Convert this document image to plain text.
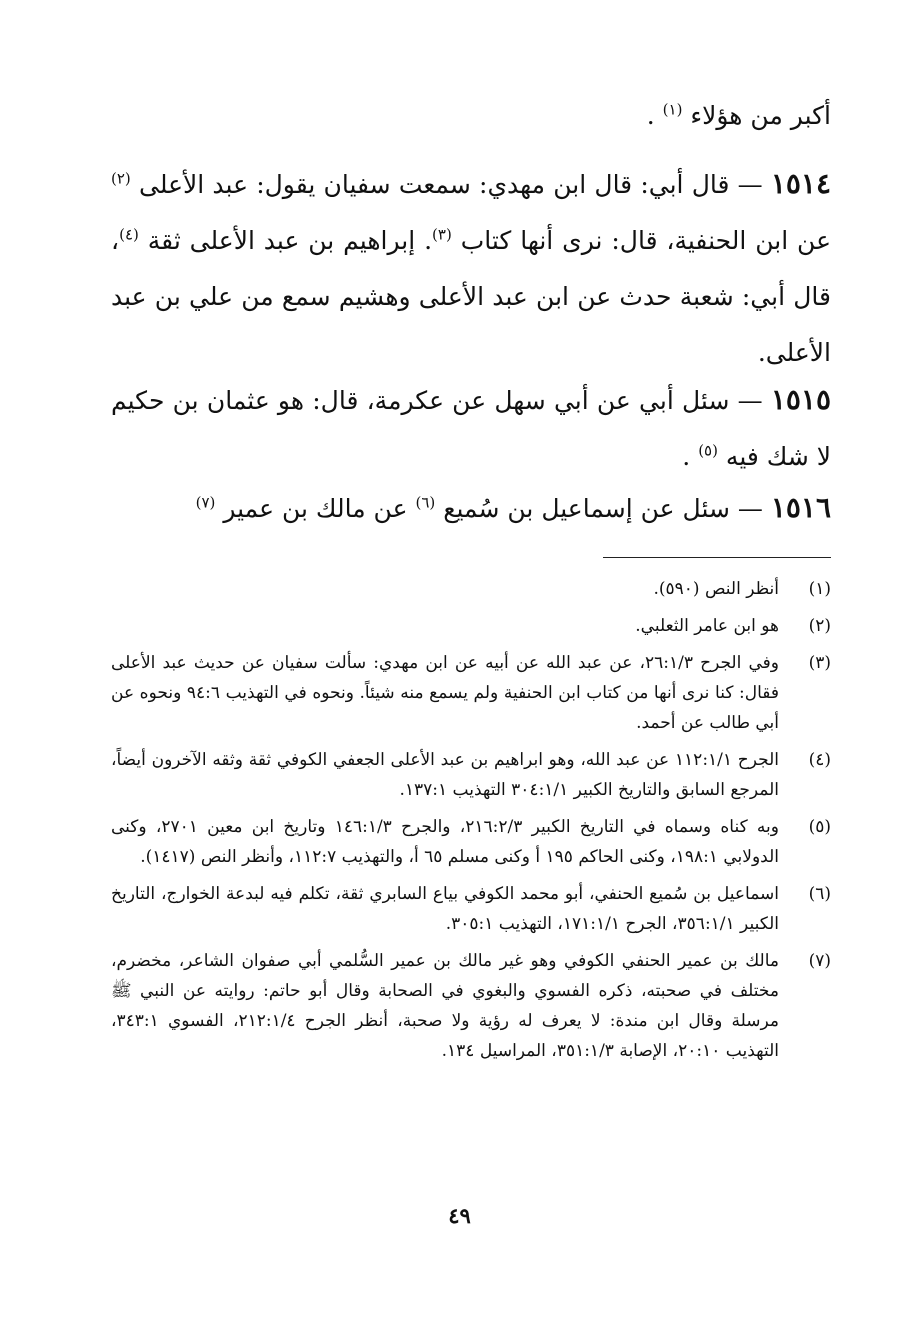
أكبر من هؤلاء $^{(١)}$ .

١٥١٤ — قال أبي: قال ابن مهدي: سمعت سفيان يقول: عبد الأعلى $^{(٢)}$ عن ابن الحنفية، قال: نرى أنها كتاب $^{(٣)}$. إبراهيم بن عبد الأعلى ثقة $^{(٤)}$، قال أبي: شعبة حدث عن ابن عبد الأعلى وهشيم سمع من علي بن عبد الأعلى.

١٥١٥ — سئل أبي عن أبي سهل عن عكرمة، قال: هو عثمان بن حكيم لا شك فيه $^{(٥)}$ .

١٥١٦ — سئل عن إسماعيل بن سُميع $^{(٦)}$ عن مالك بن عمير $^{(٧)}$

(١)
أنظر النص (٥٩٠).
(٢)
هو ابن عامر الثعلبي.
(٣)
وفي الجرح ٢٦:١/٣، عن عبد الله عن أبيه عن ابن مهدي: سألت سفيان عن حديث عبد الأعلى فقال: كنا نرى أنها من كتاب ابن الحنفية ولم يسمع منه شيئاً. ونحوه في التهذيب ٩٤:٦ ونحوه عن أبي طالب عن أحمد.
(٤)
الجرح ١١٢:١/١ عن عبد الله، وهو ابراهيم بن عبد الأعلى الجعفي الكوفي ثقة وثقه الآخرون أيضاً، المرجع السابق والتاريخ الكبير ٣٠٤:١/١ التهذيب ١٣٧:١.
(٥)
وبه كناه وسماه في التاريخ الكبير ٢١٦:٢/٣، والجرح ١٤٦:١/٣ وتاريخ ابن معين ٢٧٠١، وكنى الدولابي ١٩٨:١، وكنى الحاكم ١٩٥ أ وكنى مسلم ٦٥ أ، والتهذيب ١١٢:٧، وأنظر النص (١٤١٧).
(٦)
اسماعيل بن سُميع الحنفي، أبو محمد الكوفي بياع السابري ثقة، تكلم فيه لبدعة الخوارج، التاريخ الكبير ٣٥٦:١/١، الجرح ١٧١:١/١، التهذيب ٣٠٥:١.
(٧)
مالك بن عمير الحنفي الكوفي وهو غير مالك بن عمير السُّلمي أبي صفوان الشاعر، مخضرم، مختلف في صحبته، ذكره الفسوي والبغوي في الصحابة وقال أبو حاتم: روايته عن النبي ﷺ مرسلة وقال ابن مندة: لا يعرف له رؤية ولا صحبة، أنظر الجرح ٢١٢:١/٤، الفسوي ٣٤٣:١، التهذيب ٢٠:١٠، الإصابة ٣٥١:١/٣، المراسيل ١٣٤.
٤٩
